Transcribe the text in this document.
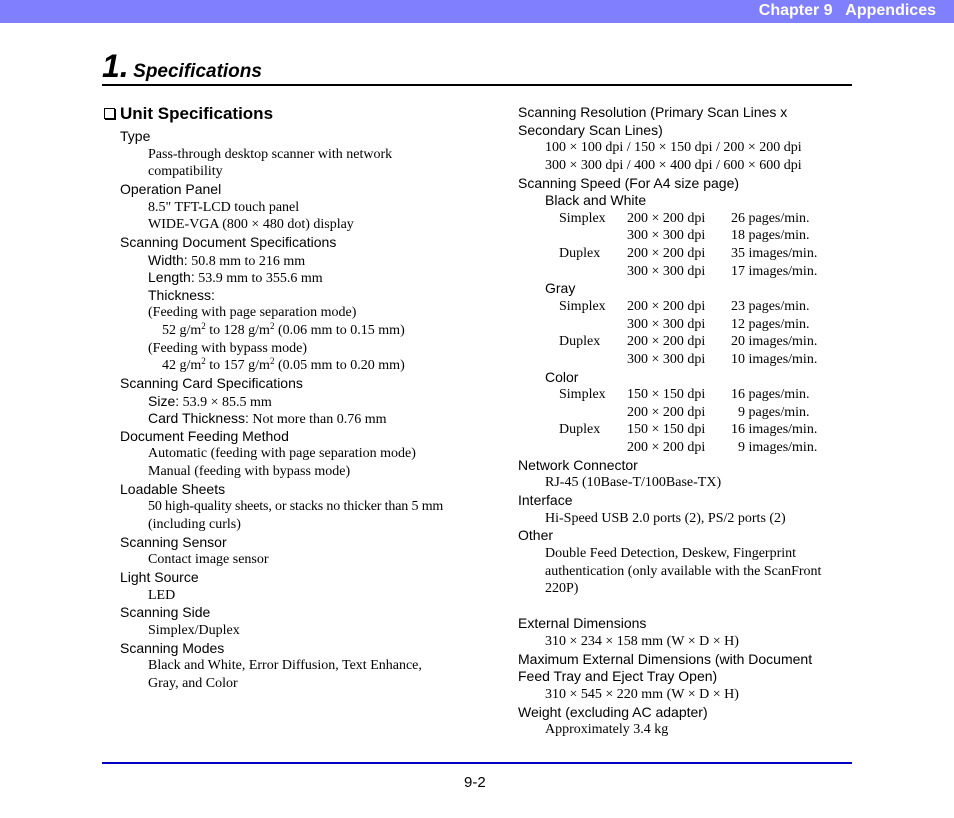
Chapter 9   Appendices
1. Specifications
Unit Specifications
Type
Pass-through desktop scanner with network
compatibility
Operation Panel
8.5" TFT-LCD touch panel
WIDE-VGA (800 × 480 dot) display
Scanning Document Specifications
Width: 50.8 mm to 216 mm
Length: 53.9 mm to 355.6 mm
Thickness:
(Feeding with page separation mode)
52 $g/m^2$ to 128 $g/m^2$ (0.06 mm to 0.15 mm)
(Feeding with bypass mode)
42 $g/m^2$ to 157 $g/m^2$ (0.05 mm to 0.20 mm)
Scanning Card Specifications
Size: 53.9 × 85.5 mm
Card Thickness: Not more than 0.76 mm
Document Feeding Method
Automatic (feeding with page separation mode)
Manual (feeding with bypass mode)
Loadable Sheets
50 high-quality sheets, or stacks no thicker than 5 mm
(including curls)
Scanning Sensor
Contact image sensor
Light Source
LED
Scanning Side
Simplex/Duplex
Scanning Modes
Black and White, Error Diffusion, Text Enhance,
Gray, and Color
Scanning Resolution (Primary Scan Lines x
Secondary Scan Lines)
100 × 100 dpi / 150 × 150 dpi / 200 × 200 dpi
300 × 300 dpi / 400 × 400 dpi / 600 × 600 dpi
Scanning Speed (For A4 size page)
Black and White
Simplex 200 × 200 dpi 26 pages/min.
300 × 300 dpi 18 pages/min.
Duplex 200 × 200 dpi 35 images/min.
300 × 300 dpi 17 images/min.
Gray
Simplex 200 × 200 dpi 23 pages/min.
300 × 300 dpi 12 pages/min.
Duplex 200 × 200 dpi 20 images/min.
300 × 300 dpi 10 images/min.
Color
Simplex 150 × 150 dpi 16 pages/min.
200 × 200 dpi 9 pages/min.
Duplex 150 × 150 dpi 16 images/min.
200 × 200 dpi 9 images/min.
Network Connector
RJ-45 (10Base-T/100Base-TX)
Interface
Hi-Speed USB 2.0 ports (2), PS/2 ports (2)
Other
Double Feed Detection, Deskew, Fingerprint
authentication (only available with the ScanFront
220P)
External Dimensions
310 × 234 × 158 mm (W × D × H)
Maximum External Dimensions (with Document
Feed Tray and Eject Tray Open)
310 × 545 × 220 mm (W × D × H)
Weight (excluding AC adapter)
Approximately 3.4 kg
9-2
